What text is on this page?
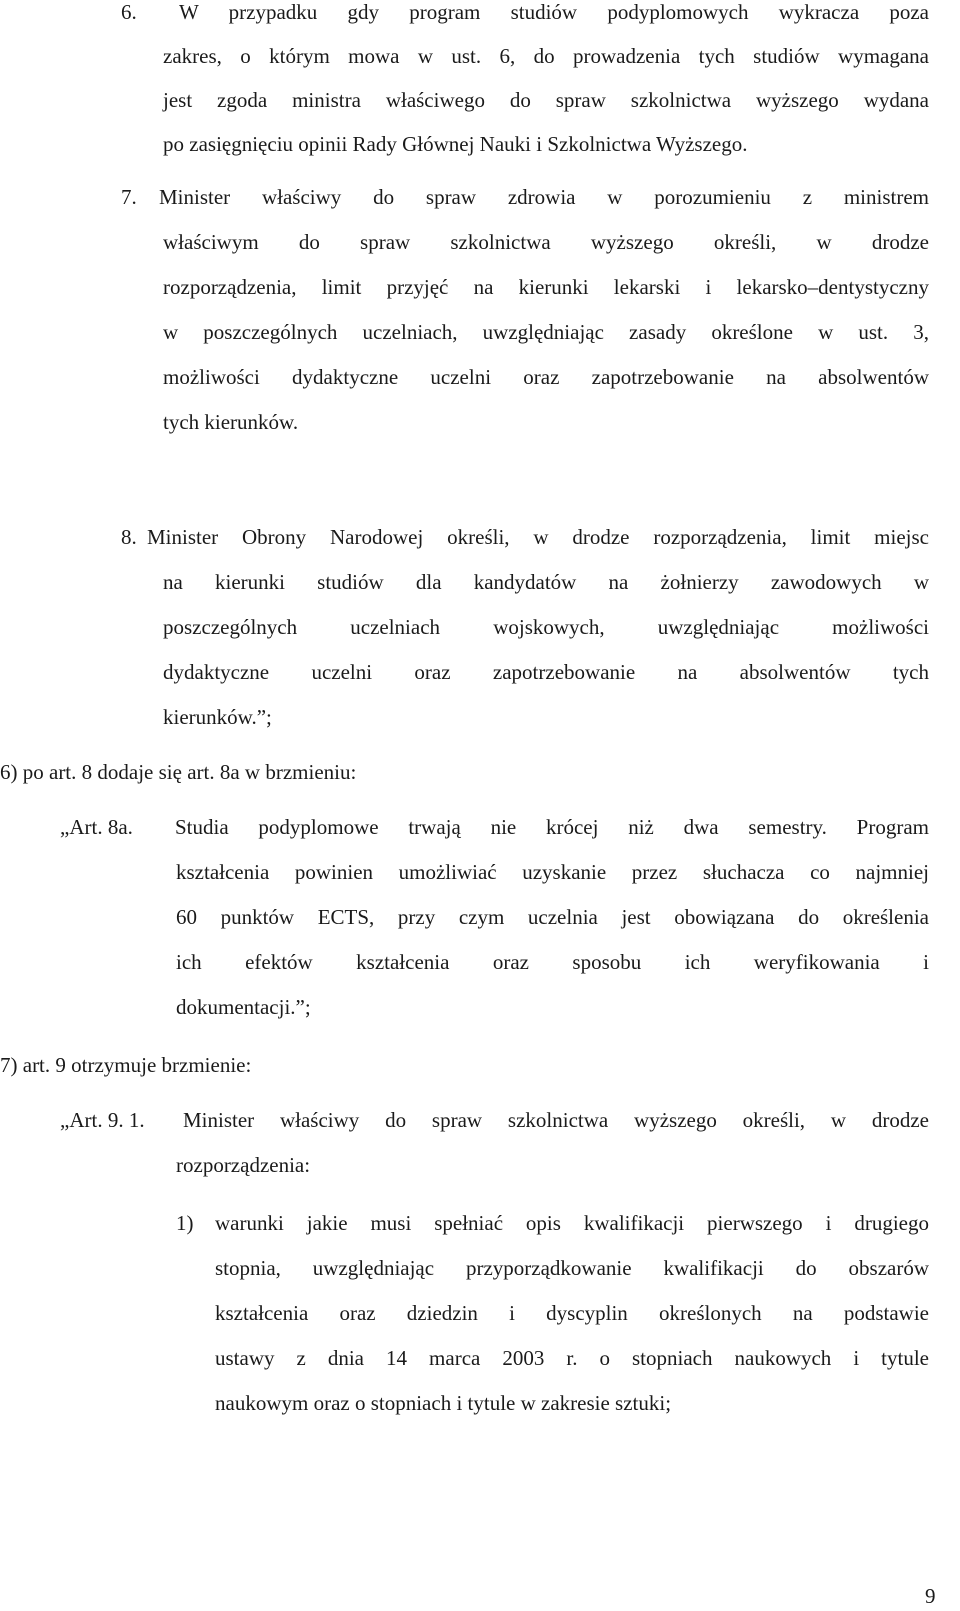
6. W przypadku gdy program studiów podyplomowych wykracza poza
zakres, o którym mowa w ust. 6, do prowadzenia tych studiów wymagana
jest zgoda ministra właściwego do spraw szkolnictwa wyższego wydana
po zasięgnięciu opinii Rady Głównej Nauki i Szkolnictwa Wyższego.
7. Minister właściwy do spraw zdrowia w porozumieniu z ministrem
właściwym do spraw szkolnictwa wyższego określi, w drodze
rozporządzenia, limit przyjęć na kierunki lekarski i lekarsko–dentystyczny
w poszczególnych uczelniach, uwzględniając zasady określone w ust. 3,
możliwości dydaktyczne uczelni oraz zapotrzebowanie na absolwentów
tych kierunków.
8. Minister Obrony Narodowej określi, w drodze rozporządzenia, limit miejsc
na kierunki studiów dla kandydatów na żołnierzy zawodowych w
poszczególnych uczelniach wojskowych, uwzględniając możliwości
dydaktyczne uczelni oraz zapotrzebowanie na absolwentów tych
kierunków.”;
6) po art. 8 dodaje się art. 8a w brzmieniu:
„Art. 8a. Studia podyplomowe trwają nie krócej niż dwa semestry. Program
kształcenia powinien umożliwiać uzyskanie przez słuchacza co najmniej
60 punktów ECTS, przy czym uczelnia jest obowiązana do określenia
ich efektów kształcenia oraz sposobu ich weryfikowania i
dokumentacji.”;
7) art. 9 otrzymuje brzmienie:
„Art. 9. 1. Minister właściwy do spraw szkolnictwa wyższego określi, w drodze
rozporządzenia:
1) warunki jakie musi spełniać opis kwalifikacji pierwszego i drugiego
stopnia, uwzględniając przyporządkowanie kwalifikacji do obszarów
kształcenia oraz dziedzin i dyscyplin określonych na podstawie
ustawy z dnia 14 marca 2003 r. o stopniach naukowych i tytule
naukowym oraz o stopniach i tytule w zakresie sztuki;
9
